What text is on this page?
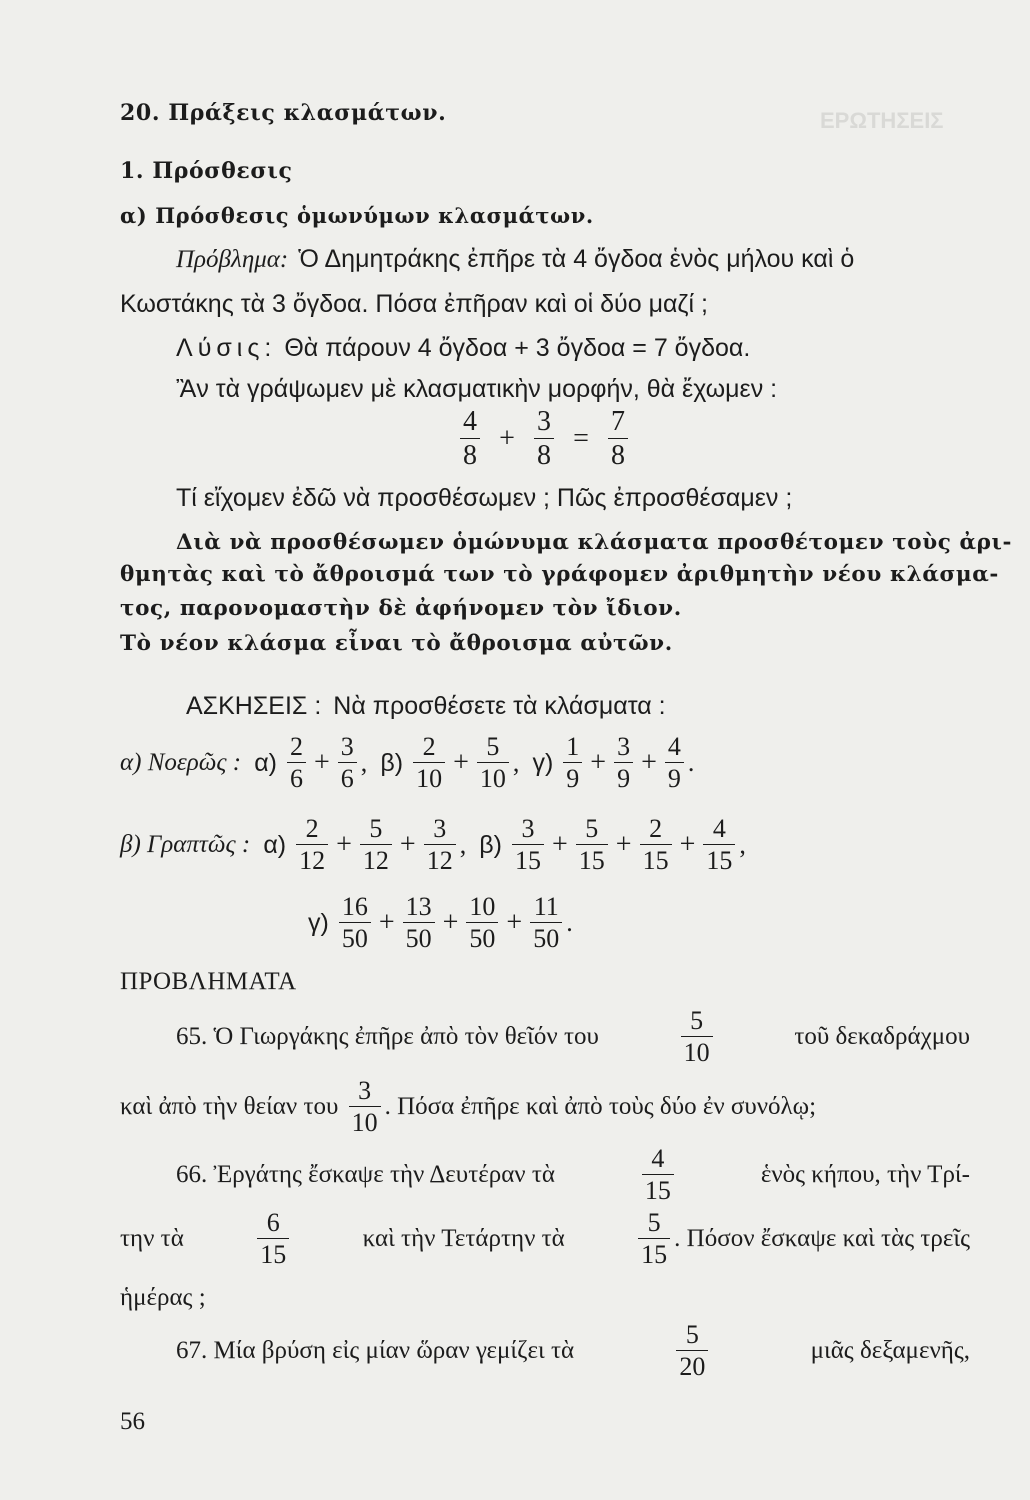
ΕΡΩΤΗΣΕΙΣ
20. Πράξεις κλασμάτων.
1. Πρόσθεσις
α) Πρόσθεσις ὁμωνύμων κλασμάτων.
Πρόβλημα: Ὁ Δημητράκης ἐπῆρε τὰ 4 ὄγδοα ἑνὸς μήλου καὶ ὁ
Κωστάκης τὰ 3 ὄγδοα. Πόσα ἐπῆραν καὶ οἱ δύο μαζί ;
Λύσις: Θὰ πάρουν 4 ὄγδοα + 3 ὄγδοα = 7 ὄγδοα.
Ἂν τὰ γράψωμεν μὲ κλασματικὴν μορφήν, θὰ ἔχωμεν :
$\frac{4}{8} + \frac{3}{8} = \frac{7}{8}$
Τί εἴχομεν ἐδῶ νὰ προσθέσωμεν ; Πῶς ἐπροσθέσαμεν ;
Διὰ νὰ προσθέσωμεν ὁμώνυμα κλάσματα προσθέτομεν τοὺς ἀρι-
θμητὰς καὶ τὸ ἄθροισμά των τὸ γράφομεν ἀριθμητὴν νέου κλάσμα-
τος, παρονομαστὴν δὲ ἀφήνομεν τὸν ἴδιον.
Τὸ νέον κλάσμα εἶναι τὸ ἄθροισμα αὐτῶν.
ΑΣΚΗΣΕΙΣ : Νὰ προσθέσετε τὰ κλάσματα :
α) Νοερῶς : $\alpha) \frac{2}{6} + \frac{3}{6}$ , $\beta) \frac{2}{10} + \frac{5}{10}$ , $\gamma) \frac{1}{9} + \frac{3}{9} + \frac{4}{9}$ .
β) Γραπτῶς : $\alpha) \frac{2}{12} + \frac{5}{12} + \frac{3}{12}$ , $\beta) \frac{3}{15} + \frac{5}{15} + \frac{2}{15} + \frac{4}{15}$ ,
$\gamma) \frac{16}{50} + \frac{13}{50} + \frac{10}{50} + \frac{11}{50}$ .
ΠΡΟΒΛΗΜΑΤΑ
65. Ὁ Γιωργάκης ἐπῆρε ἀπὸ τὸν θεῖόν του	$\frac{5}{10}$	τοῦ δεκαδράχμου
καὶ ἀπὸ τὴν θείαν του $\frac{3}{10}$ . Πόσα ἐπῆρε καὶ ἀπὸ τοὺς δύο ἐν συνόλῳ;
66. Ἐργάτης ἔσκαψε τὴν Δευτέραν τὰ	$\frac{4}{15}$	ἑνὸς κήπου, τὴν Τρί-
την τὰ	$\frac{6}{15}$	καὶ τὴν Τετάρτην τὰ	$\frac{5}{15}$ . Πόσον ἔσκαψε καὶ τὰς τρεῖς
ἡμέρας ;
67. Μία βρύση εἰς μίαν ὥραν γεμίζει τὰ	$\frac{5}{20}$	μιᾶς δεξαμενῆς,
56
